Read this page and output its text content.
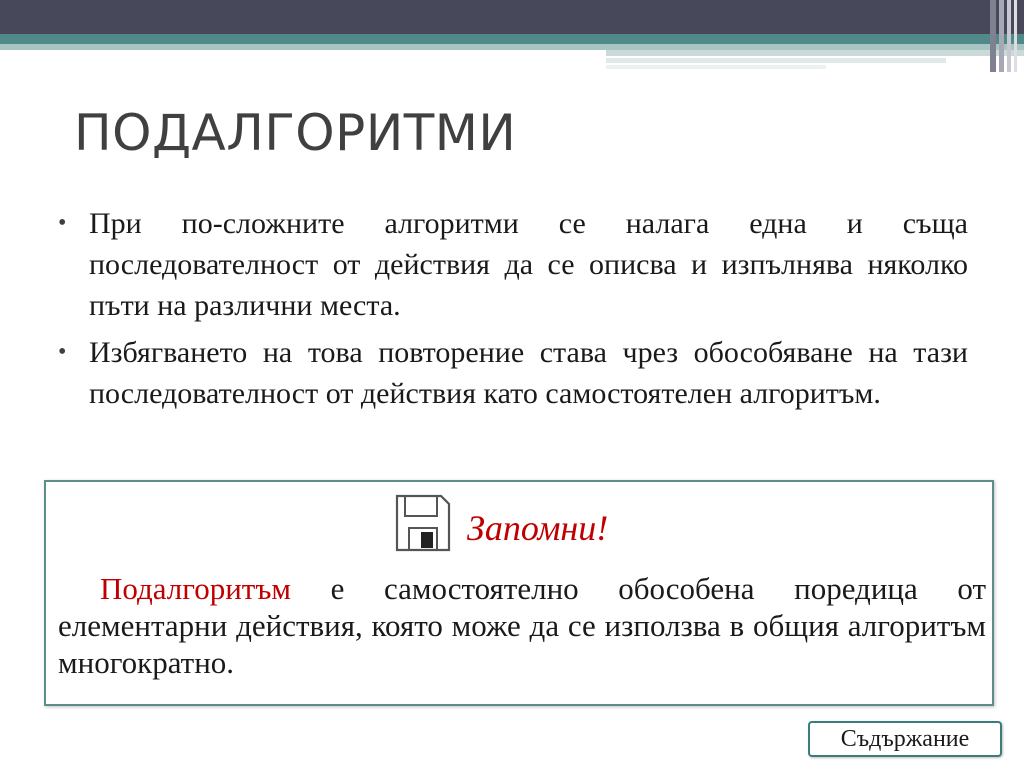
ПОДАЛГОРИТМИ
• При по-сложните алгоритми се налага една и съща последователност от действия да се описва и изпълнява няколко пъти на различни места.
• Избягването на това повторение става чрез обособяване на тази последователност от действия като самостоятелен алгоритъм.
Запомни!

Подалгоритъм е самостоятелно обособена поредица от елементарни действия, която може да се използва в общия алгоритъм многократно.

Съдържание
